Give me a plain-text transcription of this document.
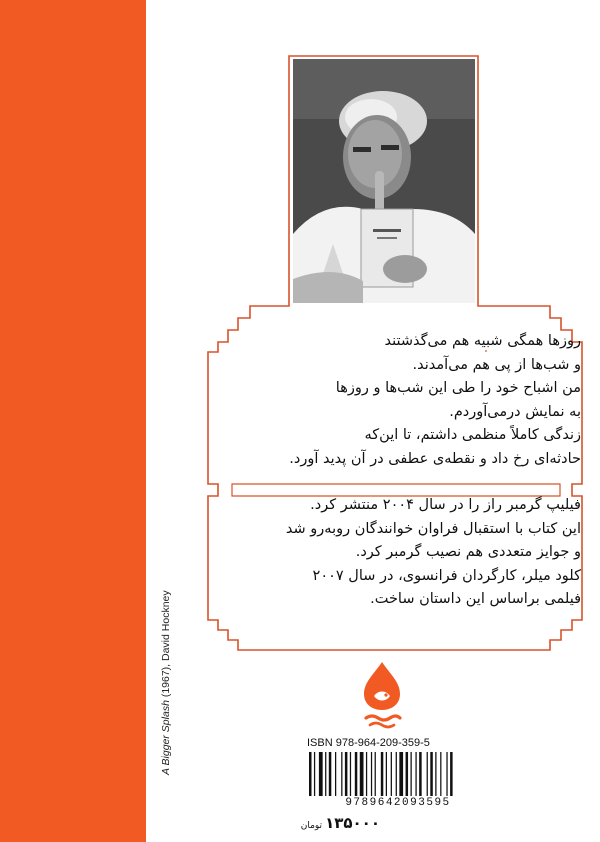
A Bigger Splash (1967), David Hockney
روزها همگی شبیه هم می‌گذشتند
و شب‌ها از پی هم می‌آمدند.
من اشباح خود را طی این شب‌ها و روزها
به نمایش درمی‌آوردم.
زندگی کاملاً منظمی داشتم، تا این‌که
حادثه‌ای رخ داد و نقطه‌ی عطفی در آن پدید آورد.
فیلیپ گرمبر راز را در سال ۲۰۰۴ منتشر کرد.
این کتاب با استقبال فراوان خوانندگان روبه‌رو شد
و جوایز متعددی هم نصیب گرمبر کرد.
کلود میلر، کارگردان فرانسوی، در سال ۲۰۰۷
فیلمی براساس این داستان ساخت.
ISBN 978-964-209-359-5
9789642093595
۱۳۵۰۰۰تومان
